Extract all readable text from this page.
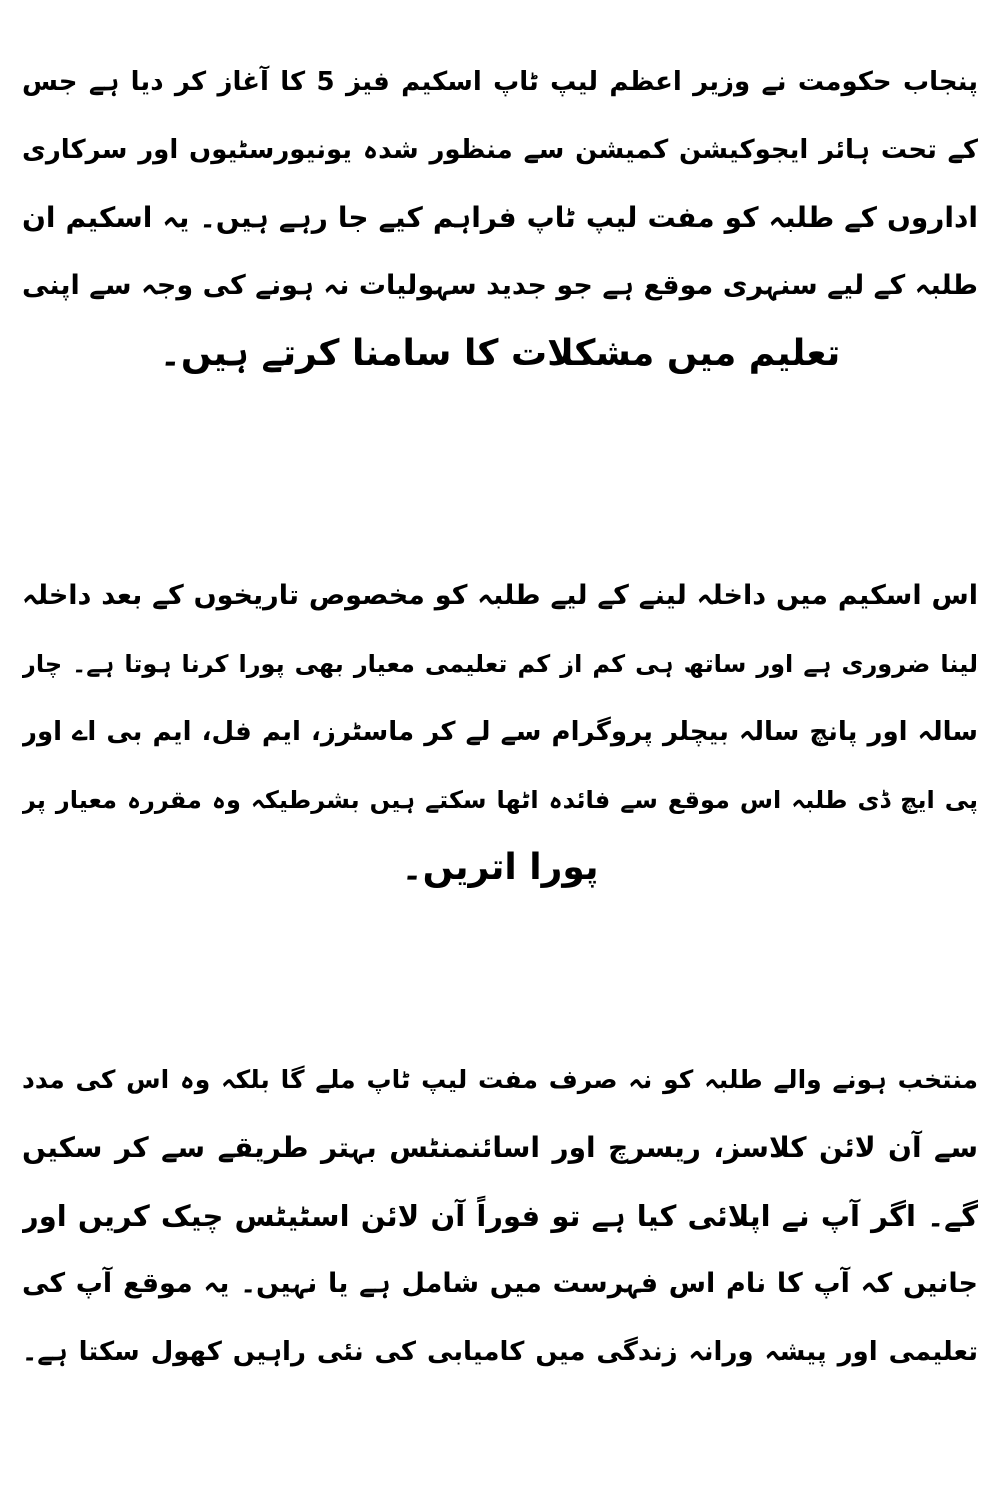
پنجاب حکومت نے وزیر اعظم لیپ ٹاپ اسکیم فیز 5 کا آغاز کر دیا ہے جس
کے تحت ہائر ایجوکیشن کمیشن سے منظور شدہ یونیورسٹیوں اور سرکاری
اداروں کے طلبہ کو مفت لیپ ٹاپ فراہم کیے جا رہے ہیں۔ یہ اسکیم ان
طلبہ کے لیے سنہری موقع ہے جو جدید سہولیات نہ ہونے کی وجہ سے اپنی
تعلیم میں مشکلات کا سامنا کرتے ہیں۔
اس اسکیم میں داخلہ لینے کے لیے طلبہ کو مخصوص تاریخوں کے بعد داخلہ
لینا ضروری ہے اور ساتھ ہی کم از کم تعلیمی معیار بھی پورا کرنا ہوتا ہے۔ چار
سالہ اور پانچ سالہ بیچلر پروگرام سے لے کر ماسٹرز، ایم فل، ایم بی اے اور
پی ایچ ڈی طلبہ اس موقع سے فائدہ اٹھا سکتے ہیں بشرطیکہ وہ مقررہ معیار پر
پورا اتریں۔
منتخب ہونے والے طلبہ کو نہ صرف مفت لیپ ٹاپ ملے گا بلکہ وہ اس کی مدد
سے آن لائن کلاسز، ریسرچ اور اسائنمنٹس بہتر طریقے سے کر سکیں
گے۔ اگر آپ نے اپلائی کیا ہے تو فوراً آن لائن اسٹیٹس چیک کریں اور
جانیں کہ آپ کا نام اس فہرست میں شامل ہے یا نہیں۔ یہ موقع آپ کی
تعلیمی اور پیشہ ورانہ زندگی میں کامیابی کی نئی راہیں کھول سکتا ہے۔
